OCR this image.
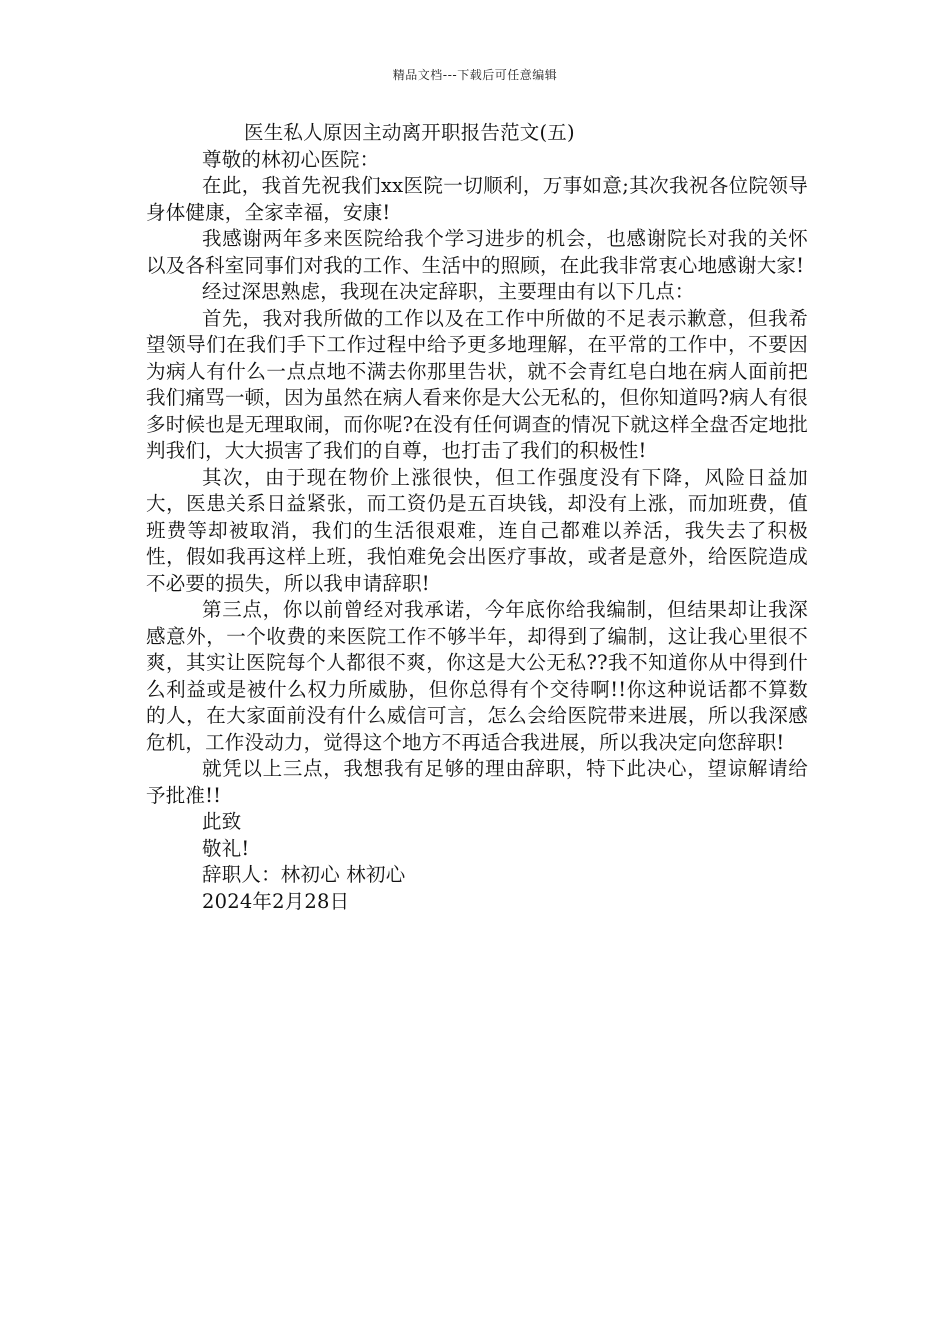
精品文档---下载后可任意编辑

医生私人原因主动离开职报告范文(五)

尊敬的林初心医院：

在此，我首先祝我们xx医院一切顺利，万事如意;其次我祝各位院领导身体健康，全家幸福，安康!

我感谢两年多来医院给我个学习进步的机会，也感谢院长对我的关怀以及各科室同事们对我的工作、生活中的照顾，在此我非常衷心地感谢大家!

经过深思熟虑，我现在决定辞职，主要理由有以下几点：

首先，我对我所做的工作以及在工作中所做的不足表示歉意，但我希望领导们在我们手下工作过程中给予更多地理解，在平常的工作中，不要因为病人有什么一点点地不满去你那里告状，就不会青红皂白地在病人面前把我们痛骂一顿，因为虽然在病人看来你是大公无私的，但你知道吗?病人有很多时候也是无理取闹，而你呢?在没有任何调查的情况下就这样全盘否定地批判我们，大大损害了我们的自尊，也打击了我们的积极性!

其次，由于现在物价上涨很快，但工作强度没有下降，风险日益加大，医患关系日益紧张，而工资仍是五百块钱，却没有上涨，而加班费，值班费等却被取消，我们的生活很艰难，连自己都难以养活，我失去了积极性，假如我再这样上班，我怕难免会出医疗事故，或者是意外，给医院造成不必要的损失，所以我申请辞职!

第三点，你以前曾经对我承诺，今年底你给我编制，但结果却让我深感意外，一个收费的来医院工作不够半年，却得到了编制，这让我心里很不爽，其实让医院每个人都很不爽，你这是大公无私??我不知道你从中得到什么利益或是被什么权力所威胁，但你总得有个交待啊!!你这种说话都不算数的人，在大家面前没有什么威信可言，怎么会给医院带来进展，所以我深感危机，工作没动力，觉得这个地方不再适合我进展，所以我决定向您辞职!

就凭以上三点，我想我有足够的理由辞职，特下此决心，望谅解请给予批准!!

此致

敬礼!

辞职人：林初心 林初心

2024年2月28日
